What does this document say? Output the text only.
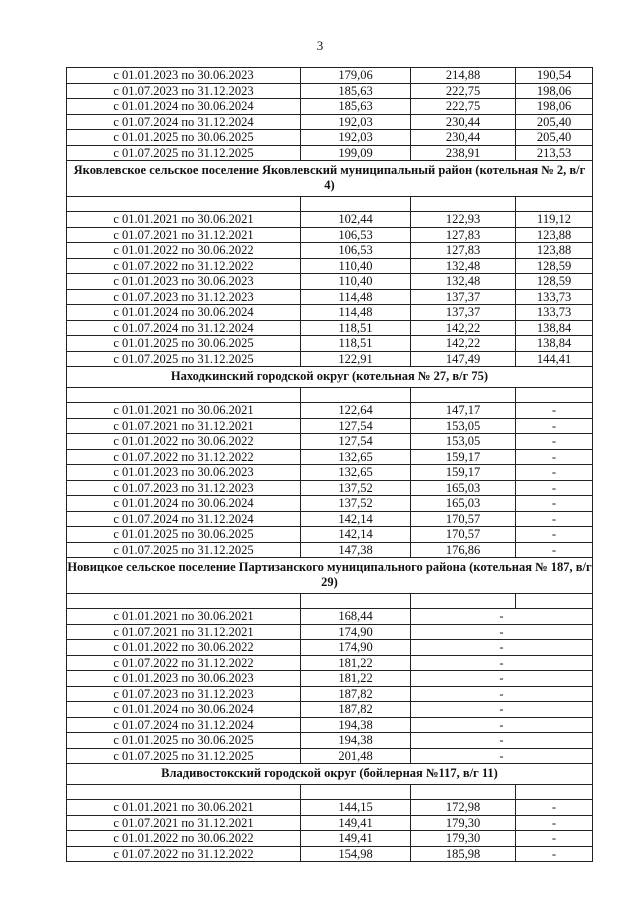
3
с 01.01.2023 по 30.06.2023	179,06	214,88	190,54
с 01.07.2023 по 31.12.2023	185,63	222,75	198,06
с 01.01.2024 по 30.06.2024	185,63	222,75	198,06
с 01.07.2024 по 31.12.2024	192,03	230,44	205,40
с 01.01.2025 по 30.06.2025	192,03	230,44	205,40
с 01.07.2025 по 31.12.2025	199,09	238,91	213,53
Яковлевское сельское поселение Яковлевский муниципальный район (котельная № 2, в/г 4)			

с 01.01.2021 по 30.06.2021	102,44	122,93	119,12
с 01.07.2021 по 31.12.2021	106,53	127,83	123,88
с 01.01.2022 по 30.06.2022	106,53	127,83	123,88
с 01.07.2022 по 31.12.2022	110,40	132,48	128,59
с 01.01.2023 по 30.06.2023	110,40	132,48	128,59
с 01.07.2023 по 31.12.2023	114,48	137,37	133,73
с 01.01.2024 по 30.06.2024	114,48	137,37	133,73
с 01.07.2024 по 31.12.2024	118,51	142,22	138,84
с 01.01.2025 по 30.06.2025	118,51	142,22	138,84
с 01.07.2025 по 31.12.2025	122,91	147,49	144,41
Находкинский городской округ (котельная № 27, в/г 75)			

с 01.01.2021 по 30.06.2021	122,64	147,17	-
с 01.07.2021 по 31.12.2021	127,54	153,05	-
с 01.01.2022 по 30.06.2022	127,54	153,05	-
с 01.07.2022 по 31.12.2022	132,65	159,17	-
с 01.01.2023 по 30.06.2023	132,65	159,17	-
с 01.07.2023 по 31.12.2023	137,52	165,03	-
с 01.01.2024 по 30.06.2024	137,52	165,03	-
с 01.07.2024 по 31.12.2024	142,14	170,57	-
с 01.01.2025 по 30.06.2025	142,14	170,57	-
с 01.07.2025 по 31.12.2025	147,38	176,86	-
Новицкое сельское поселение Партизанского муниципального района (котельная № 187, в/г 29)			

с 01.01.2021 по 30.06.2021	168,44	-	
с 01.07.2021 по 31.12.2021	174,90	-	
с 01.01.2022 по 30.06.2022	174,90	-	
с 01.07.2022 по 31.12.2022	181,22	-	
с 01.01.2023 по 30.06.2023	181,22	-	
с 01.07.2023 по 31.12.2023	187,82	-	
с 01.01.2024 по 30.06.2024	187,82	-	
с 01.07.2024 по 31.12.2024	194,38	-	
с 01.01.2025 по 30.06.2025	194,38	-	
с 01.07.2025 по 31.12.2025	201,48	-	
Владивостокский городской округ (бойлерная №117, в/г 11)			

с 01.01.2021 по 30.06.2021	144,15	172,98	-
с 01.07.2021 по 31.12.2021	149,41	179,30	-
с 01.01.2022 по 30.06.2022	149,41	179,30	-
с 01.07.2022 по 31.12.2022	154,98	185,98	-
